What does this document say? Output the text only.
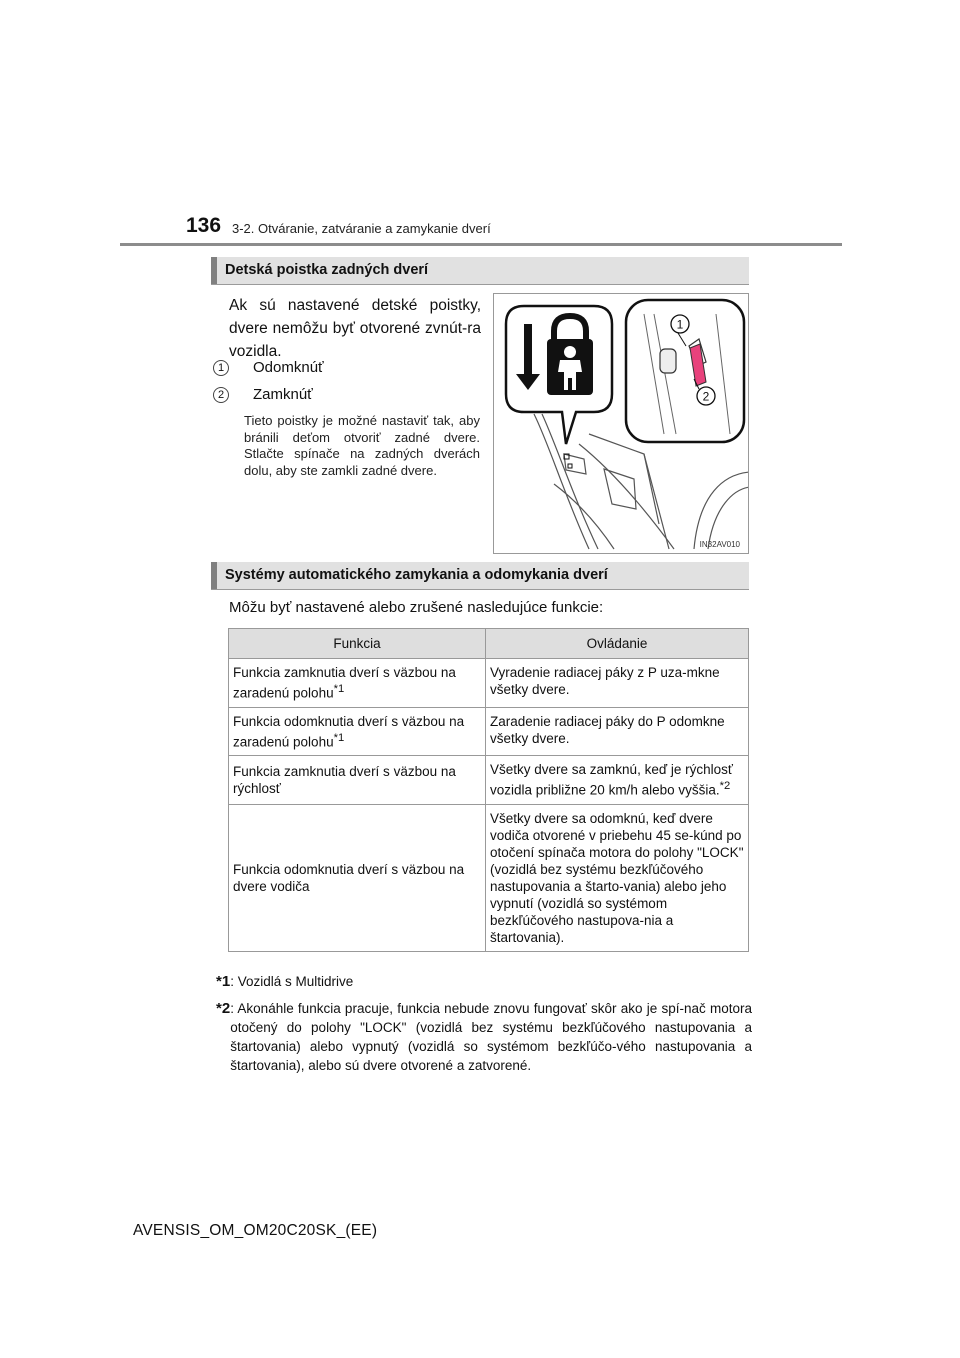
136 3-2. Otváranie, zatváranie a zamykanie dverí
Detská poistka zadných dverí
Ak sú nastavené detské poistky, dvere nemôžu byť otvorené zvnút-ra vozidla.
1 Odomknúť
2 Zamknúť
Tieto poistky je možné nastaviť tak, aby bránili deťom otvoriť zadné dvere. Stlačte spínače na zadných dverách dolu, aby ste zamkli zadné dvere.
1
2
IN32AV010
Systémy automatického zamykania a odomykania dverí
Môžu byť nastavené alebo zrušené nasledujúce funkcie:
Funkcia	Ovládanie
Funkcia zamknutia dverí s väzbou na zaradenú polohu$^{*1}$	Vyradenie radiacej páky z P uza-mkne všetky dvere.
Funkcia odomknutia dverí s väzbou na zaradenú polohu$^{*1}$	Zaradenie radiacej páky do P odomkne všetky dvere.
Funkcia zamknutia dverí s väzbou na rýchlosť	Všetky dvere sa zamknú, keď je rýchlosť vozidla približne 20 km/h alebo vyššia.$^{*2}$
Funkcia odomknutia dverí s väzbou na dvere vodiča	Všetky dvere sa odomknú, keď dvere vodiča otvorené v priebehu 45 se-kúnd po otočení spínača motora do polohy "LOCK" (vozidlá bez systému bezkľúčového nastupovania a štarto-vania) alebo jeho vypnutí (vozidlá so systémom bezkľúčového nastupova-nia a štartovania).
*1: Vozidlá s Multidrive
*2 : Akonáhle funkcia pracuje, funkcia nebude znovu fungovať skôr ako je spí-nač motora otočený do polohy "LOCK" (vozidlá bez systému bezkľúčového nastupovania a štartovania) alebo vypnutý (vozidlá so systémom bezkľúčo-vého nastupovania a štartovania), alebo sú dvere otvorené a zatvorené.
AVENSIS_OM_OM20C20SK_(EE)
